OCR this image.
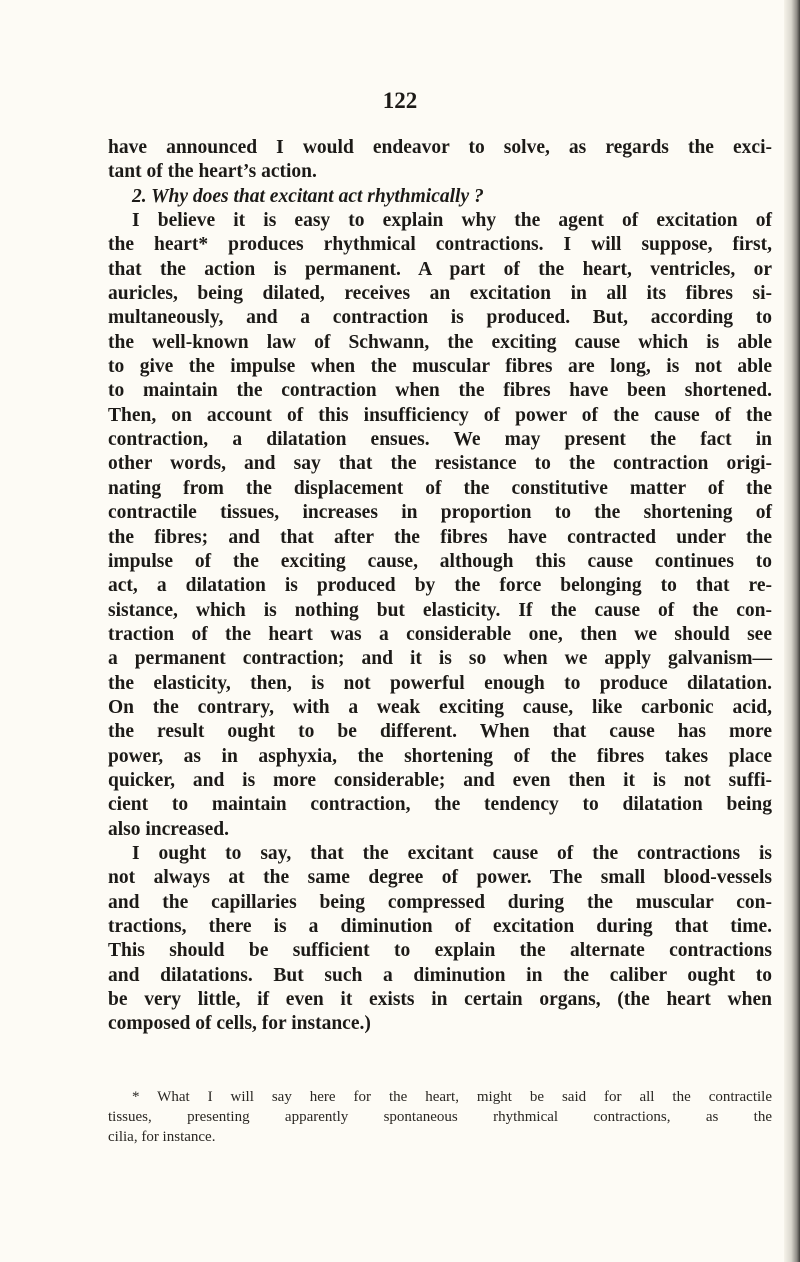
122
have announced I would endeavor to solve, as regards the exci-
tant of the heart’s action.
2. Why does that excitant act rhythmically ?
I believe it is easy to explain why the agent of excitation of
the heart* produces rhythmical contractions. I will suppose, first,
that the action is permanent. A part of the heart, ventricles, or
auricles, being dilated, receives an excitation in all its fibres si-
multaneously, and a contraction is produced. But, according to
the well-known law of Schwann, the exciting cause which is able
to give the impulse when the muscular fibres are long, is not able
to maintain the contraction when the fibres have been shortened.
Then, on account of this insufficiency of power of the cause of the
contraction, a dilatation ensues. We may present the fact in
other words, and say that the resistance to the contraction origi-
nating from the displacement of the constitutive matter of the
contractile tissues, increases in proportion to the shortening of
the fibres; and that after the fibres have contracted under the
impulse of the exciting cause, although this cause continues to
act, a dilatation is produced by the force belonging to that re-
sistance, which is nothing but elasticity. If the cause of the con-
traction of the heart was a considerable one, then we should see
a permanent contraction; and it is so when we apply galvanism—
the elasticity, then, is not powerful enough to produce dilatation.
On the contrary, with a weak exciting cause, like carbonic acid,
the result ought to be different. When that cause has more
power, as in asphyxia, the shortening of the fibres takes place
quicker, and is more considerable; and even then it is not suffi-
cient to maintain contraction, the tendency to dilatation being
also increased.
I ought to say, that the excitant cause of the contractions is
not always at the same degree of power. The small blood-vessels
and the capillaries being compressed during the muscular con-
tractions, there is a diminution of excitation during that time.
This should be sufficient to explain the alternate contractions
and dilatations. But such a diminution in the caliber ought to
be very little, if even it exists in certain organs, (the heart when
composed of cells, for instance.)
* What I will say here for the heart, might be said for all the contractile
tissues, presenting apparently spontaneous rhythmical contractions, as the
cilia, for instance.
